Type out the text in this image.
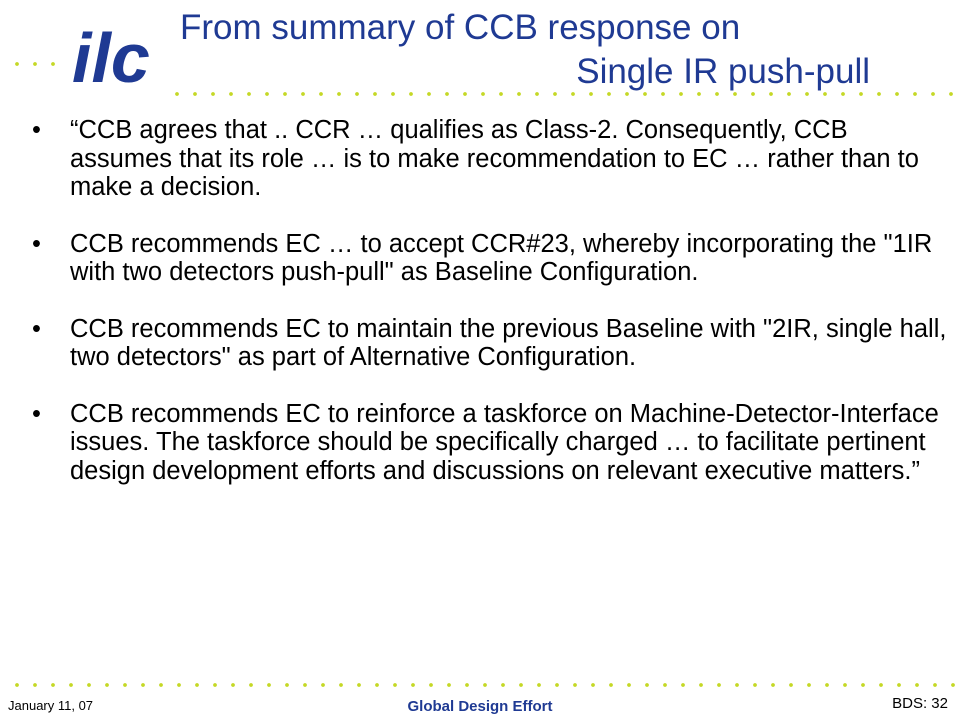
ilc From summary of CCB response on
Single IR push-pull
• “CCB agrees that .. CCR … qualifies as Class-2. Consequently, CCB assumes that its role … is to make recommendation to EC … rather than to make a decision.
• CCB recommends EC … to accept CCR#23, whereby incorporating the "1IR with two detectors push-pull" as Baseline Configuration.
• CCB recommends EC to maintain the previous Baseline with "2IR, single hall, two detectors" as part of Alternative Configuration.
• CCB recommends EC to reinforce a taskforce on Machine-Detector-Interface issues. The taskforce should be specifically charged … to facilitate pertinent design development efforts and discussions on relevant executive matters.”
January 11, 07	Global Design Effort	BDS: 32
